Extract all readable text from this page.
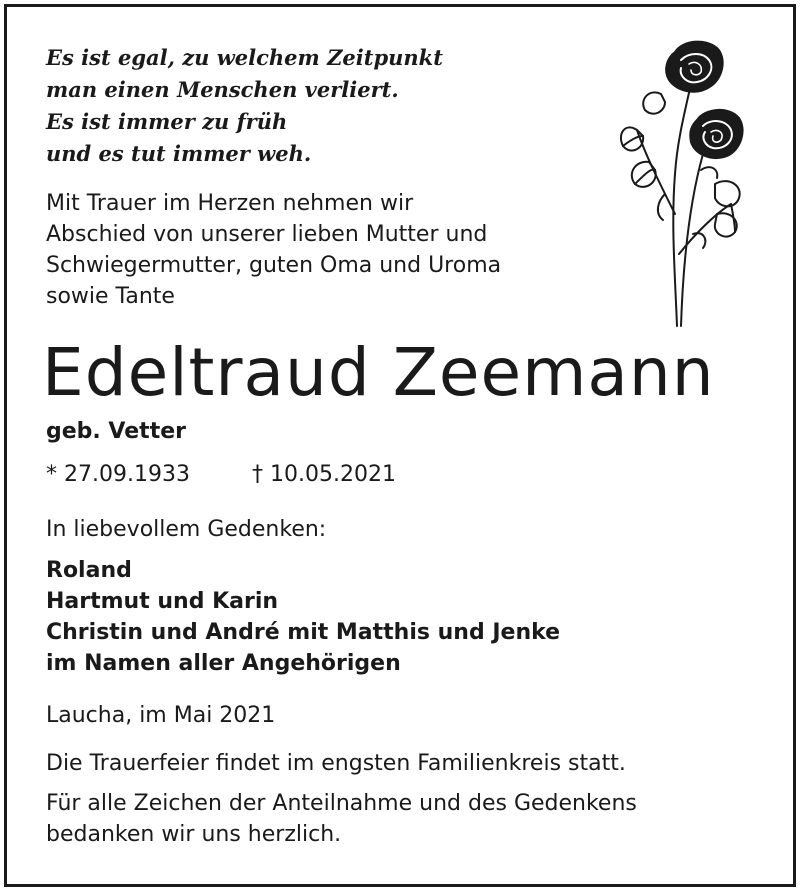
Es ist egal, zu welchem Zeitpunkt
man einen Menschen verliert.
Es ist immer zu früh
und es tut immer weh.
Mit Trauer im Herzen nehmen wir
Abschied von unserer lieben Mutter und
Schwiegermutter, guten Oma und Uroma
sowie Tante
Edeltraud Zeemann
geb. Vetter
* 27.09.1933	† 10.05.2021
In liebevollem Gedenken:
Roland
Hartmut und Karin
Christin und André mit Matthis und Jenke
im Namen aller Angehörigen
Laucha, im Mai 2021
Die Trauerfeier findet im engsten Familienkreis statt.
Für alle Zeichen der Anteilnahme und des Gedenkens
bedanken wir uns herzlich.
